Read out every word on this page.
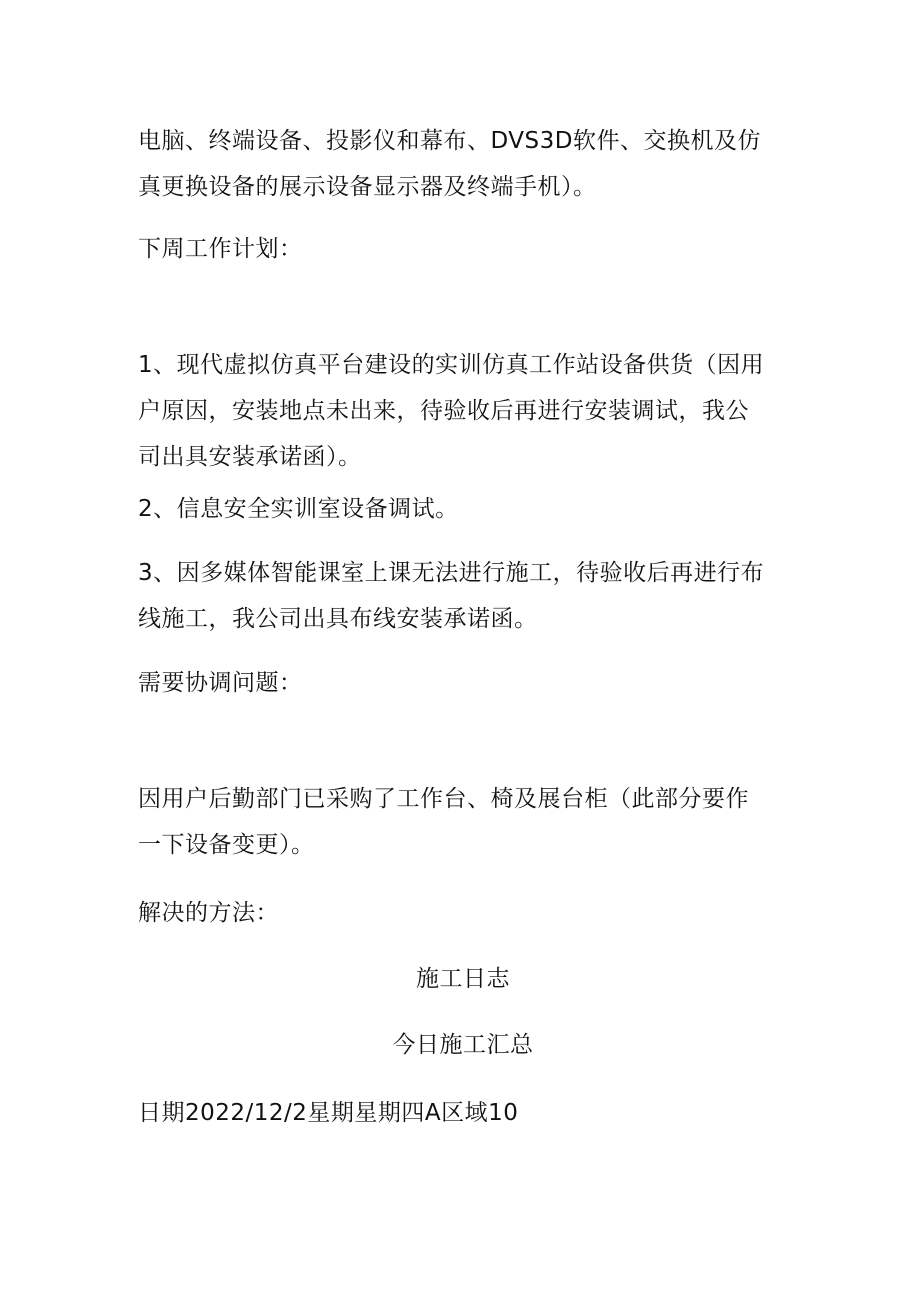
电脑、终端设备、投影仪和幕布、DVS3D软件、交换机及仿

真更换设备的展示设备显示器及终端手机）。

下周工作计划：

1、现代虚拟仿真平台建设的实训仿真工作站设备供货（因用

户原因，安装地点未出来，待验收后再进行安装调试，我公

司出具安装承诺函）。

2、信息安全实训室设备调试。

3、因多媒体智能课室上课无法进行施工，待验收后再进行布

线施工，我公司出具布线安装承诺函。

需要协调问题：

因用户后勤部门已采购了工作台、椅及展台柜（此部分要作

一下设备变更）。

解决的方法：

施工日志

今日施工汇总

日期2022/12/2星期星期四A区域10
